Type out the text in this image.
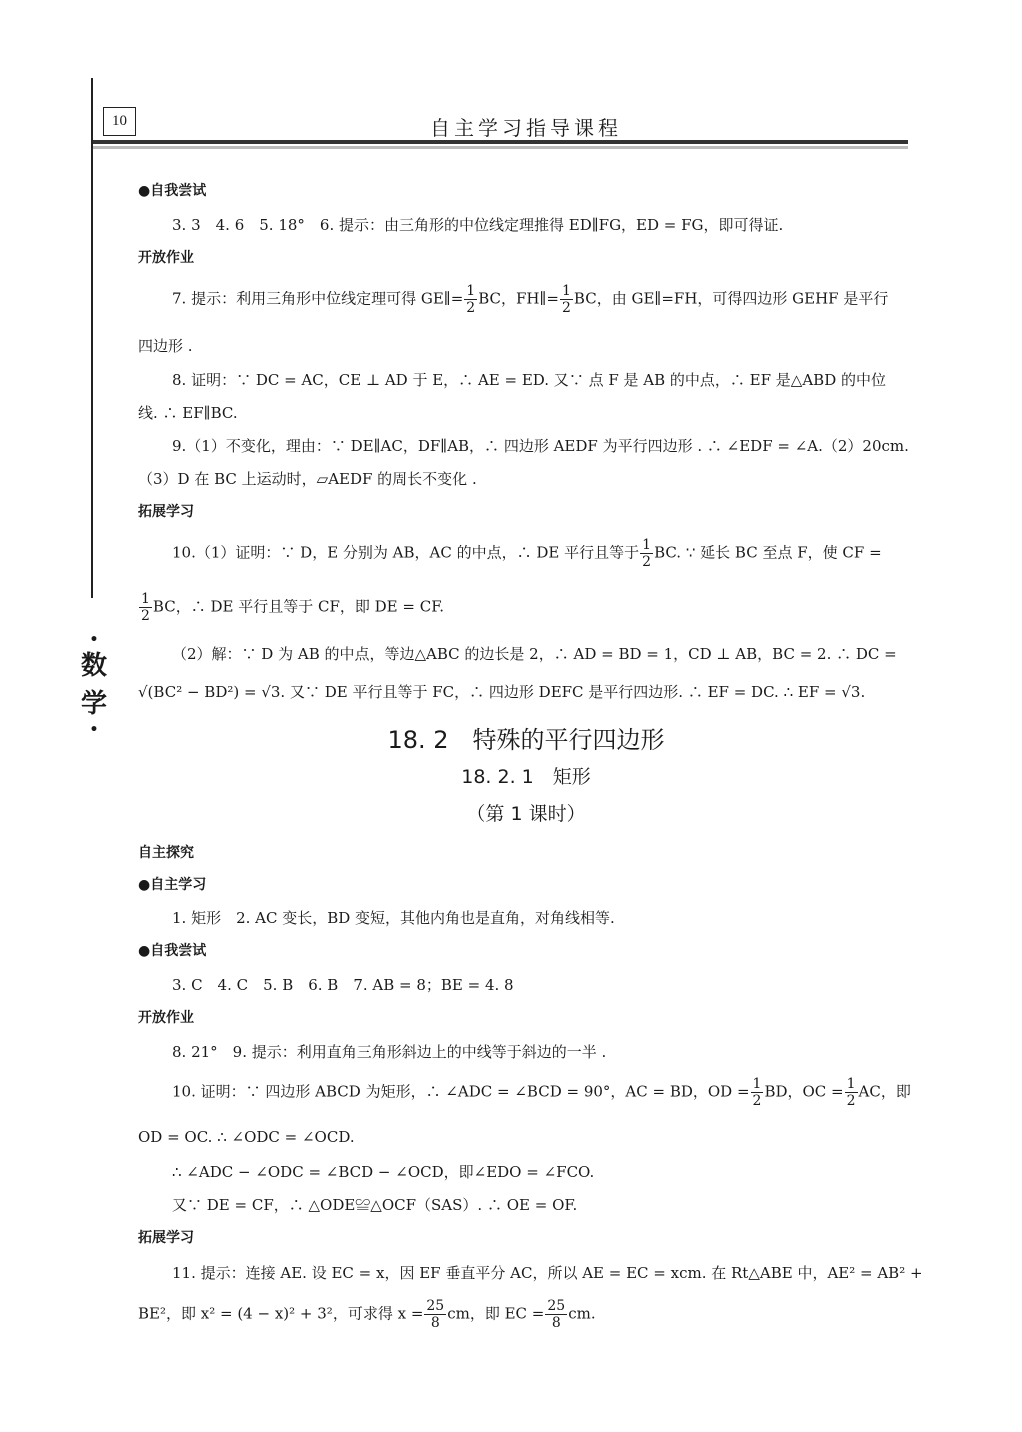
10	自主学习指导课程
•
数
学
•
●自我尝试
3. 3　4. 6　5. 18°　6. 提示：由三角形的中位线定理推得 ED∥FG，ED = FG，即可得证.
开放作业
7. 提示：利用三角形中位线定理可得 GE∥= $\frac{1}{2}$ BC，FH∥= $\frac{1}{2}$ BC，由 GE∥=FH，可得四边形 GEHF 是平行
四边形 .
8. 证明：∵ DC = AC，CE ⊥ AD 于 E，∴ AE = ED. 又∵ 点 F 是 AB 的中点，∴ EF 是△ABD 的中位
线. ∴ EF∥BC.
9.（1）不变化，理由：∵ DE∥AC，DF∥AB，∴ 四边形 AEDF 为平行四边形 . ∴ ∠EDF = ∠A.（2）20cm.
（3）D 在 BC 上运动时，▱AEDF 的周长不变化 .
拓展学习
10.（1）证明：∵ D，E 分别为 AB，AC 的中点，∴ DE 平行且等于 $\frac{1}{2}$ BC. ∵ 延长 BC 至点 F，使 CF =
$\frac{1}{2}$ BC，∴ DE 平行且等于 CF，即 DE = CF.
（2）解：∵ D 为 AB 的中点，等边△ABC 的边长是 2，∴ AD = BD = 1，CD ⊥ AB，BC = 2. ∴ DC =
√(BC² − BD²) = √3. 又∵ DE 平行且等于 FC，∴ 四边形 DEFC 是平行四边形. ∴ EF = DC. ∴ EF = √3.
18. 2　特殊的平行四边形
18. 2. 1　矩形
（第 1 课时）
自主探究
●自主学习
1. 矩形　2. AC 变长，BD 变短，其他内角也是直角，对角线相等.
●自我尝试
3. C　4. C　5. B　6. B　7. AB = 8；BE = 4. 8
开放作业
8. 21°　9. 提示：利用直角三角形斜边上的中线等于斜边的一半 .
10. 证明：∵ 四边形 ABCD 为矩形，∴ ∠ADC = ∠BCD = 90°，AC = BD，OD = $\frac{1}{2}$ BD，OC = $\frac{1}{2}$ AC，即
OD = OC. ∴ ∠ODC = ∠OCD.
∴ ∠ADC − ∠ODC = ∠BCD − ∠OCD，即∠EDO = ∠FCO.
又∵ DE = CF，∴ △ODE≌△OCF（SAS）. ∴ OE = OF.
拓展学习
11. 提示：连接 AE. 设 EC = x，因 EF 垂直平分 AC，所以 AE = EC = xcm. 在 Rt△ABE 中，AE² = AB² +
BE²，即 x² = (4 − x)² + 3²，可求得 $x = \frac{25}{8}$ cm，即 EC = $\frac{25}{8}$ cm.
